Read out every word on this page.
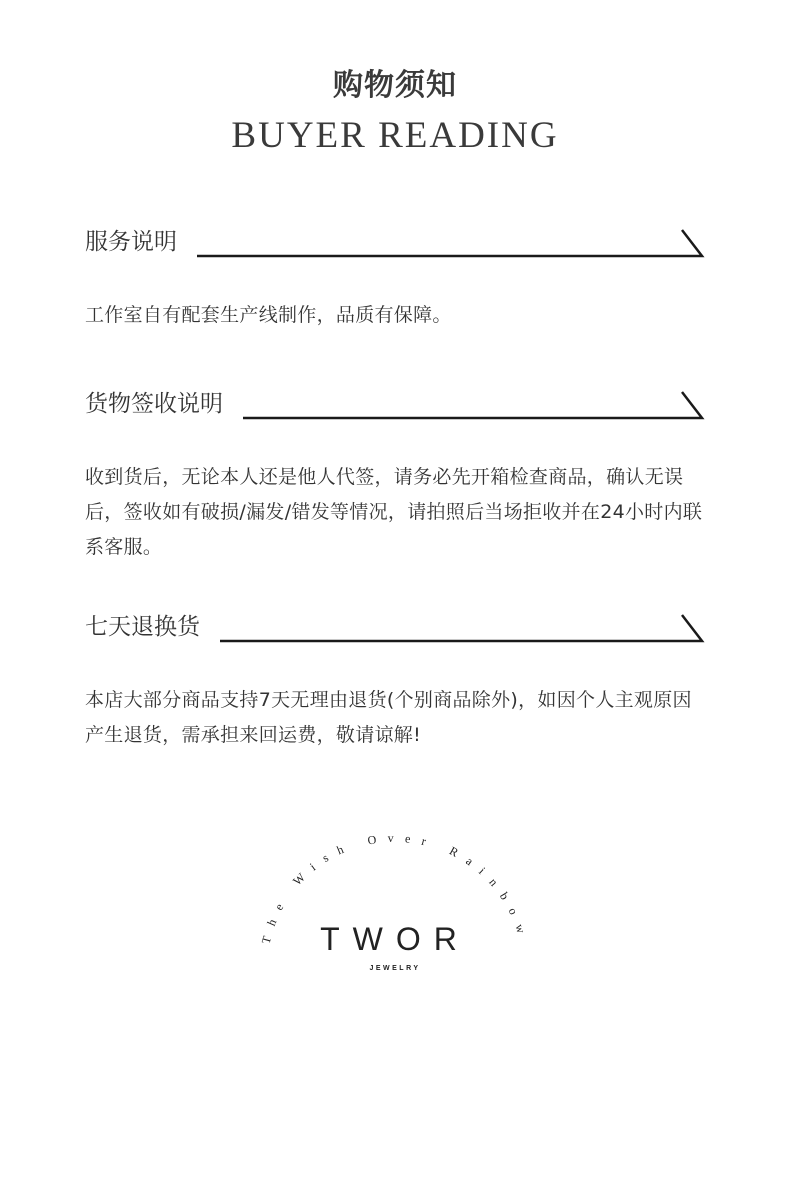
购物须知
BUYER READING
服务说明
工作室自有配套生产线制作，品质有保障。
货物签收说明
收到货后，无论本人还是他人代签，请务必先开箱检查商品，确认无误后，签收如有破损/漏发/错发等情况，请拍照后当场拒收并在24小时内联系客服。
七天退换货
本店大部分商品支持7天无理由退货(个别商品除外)，如因个人主观原因产生退货，需承担来回运费，敬请谅解!
The Wish Over Rainbow
TWOR
JEWELRY
